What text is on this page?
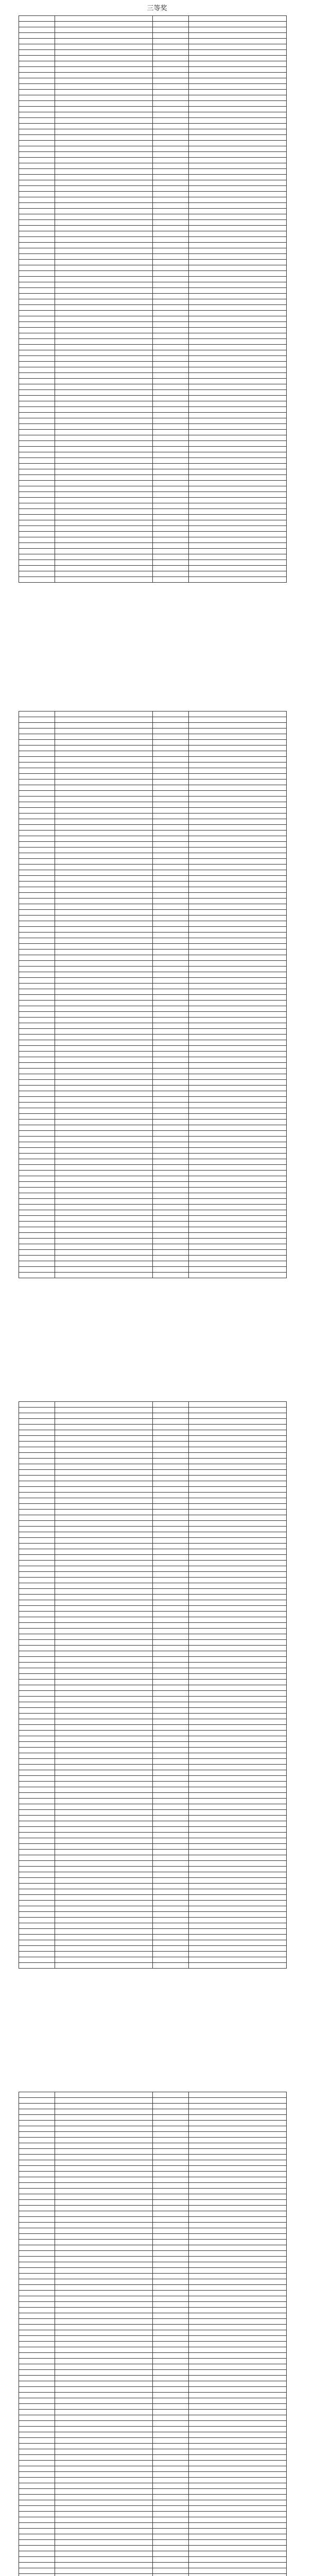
三等奖
